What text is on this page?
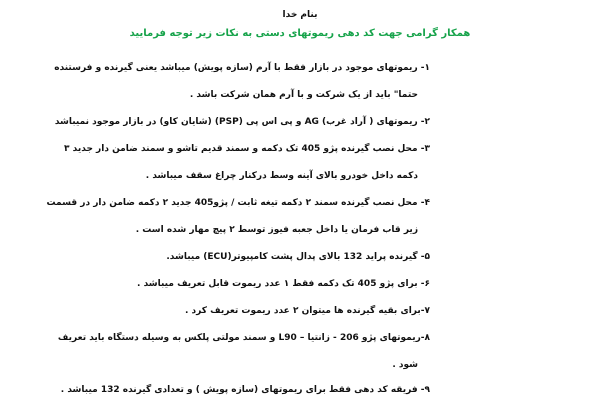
بنام خدا
همکار گرامی جهت کد دهی ریموتهای دستی به نکات زیر توجه فرمایید
۱- ریموتهای موجود در بازار فقط با آرم (سازه پویش) میباشد یعنی گیرنده و فرستنده
حتما" باید از یک شرکت و با آرم همان شرکت باشد .
۲- ریموتهای ( آراد غرب) AG و پی اس پی (PSP) (شایان کاو) در بازار موجود نمیباشد
۳- محل نصب گیرنده پژو 405 تک دکمه و سمند قدیم تاشو و سمند ضامن دار جدید ۳
دکمه داخل خودرو بالای آینه وسط درکنار چراغ سقف میباشد .
۴- محل نصب گیرنده سمند ۲ دکمه تیغه ثابت / پژو405 جدید ۲ دکمه ضامن دار در قسمت
زیر قاب فرمان یا داخل جعبه فیوز توسط ۲ پیچ مهار شده است .
۵- گیرنده پراید 132 بالای پدال پشت کامپیوتر(ECU) میباشد.
۶- برای پژو 405 تک دکمه فقط ۱ عدد ریموت قابل تعریف میباشد .
۷-برای بقیه گیرنده ها میتوان ۲ عدد ریموت تعریف کرد .
۸-ریموتهای پژو 206 - زانتیا – L90 و سمند مولتی پلکس به وسیله دستگاه باید تعریف
شود .
۹- فریقه کد دهی فقط برای ریموتهای (سازه پویش ) و تعدادی گیرنده 132 میباشد .
